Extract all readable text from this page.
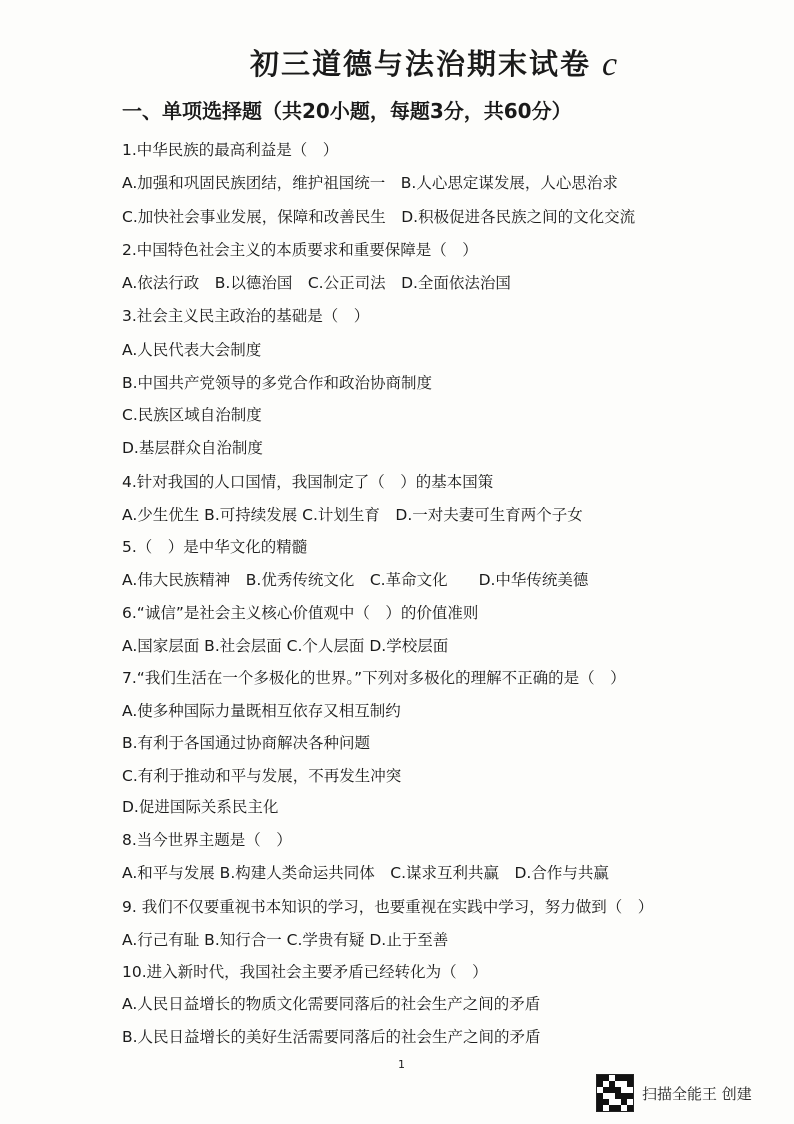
初三道德与法治期末试卷 c
一、单项选择题（共20小题，每题3分，共60分）
1.中华民族的最高利益是（　）
A.加强和巩固民族团结，维护祖国统一　B.人心思定谋发展，人心思治求
C.加快社会事业发展，保障和改善民生　D.积极促进各民族之间的文化交流
2.中国特色社会主义的本质要求和重要保障是（　）
A.依法行政　B.以德治国　C.公正司法　D.全面依法治国
3.社会主义民主政治的基础是（　）
A.人民代表大会制度
B.中国共产党领导的多党合作和政治协商制度
C.民族区域自治制度
D.基层群众自治制度
4.针对我国的人口国情，我国制定了（　）的基本国策
A.少生优生 B.可持续发展 C.计划生育　D.一对夫妻可生育两个子女
5.（　）是中华文化的精髓
A.伟大民族精神　B.优秀传统文化　C.革命文化　　D.中华传统美德
6.“诚信”是社会主义核心价值观中（　）的价值准则
A.国家层面 B.社会层面 C.个人层面 D.学校层面
7.“我们生活在一个多极化的世界。”下列对多极化的理解不正确的是（　）
A.使多种国际力量既相互依存又相互制约
B.有利于各国通过协商解决各种问题
C.有利于推动和平与发展，不再发生冲突
D.促进国际关系民主化
8.当今世界主题是（　）
A.和平与发展 B.构建人类命运共同体　C.谋求互利共赢　D.合作与共赢
9. 我们不仅要重视书本知识的学习，也要重视在实践中学习，努力做到（　）
A.行己有耻 B.知行合一 C.学贵有疑 D.止于至善
10.进入新时代，我国社会主要矛盾已经转化为（　）
A.人民日益增长的物质文化需要同落后的社会生产之间的矛盾
B.人民日益增长的美好生活需要同落后的社会生产之间的矛盾
1
扫描全能王 创建
